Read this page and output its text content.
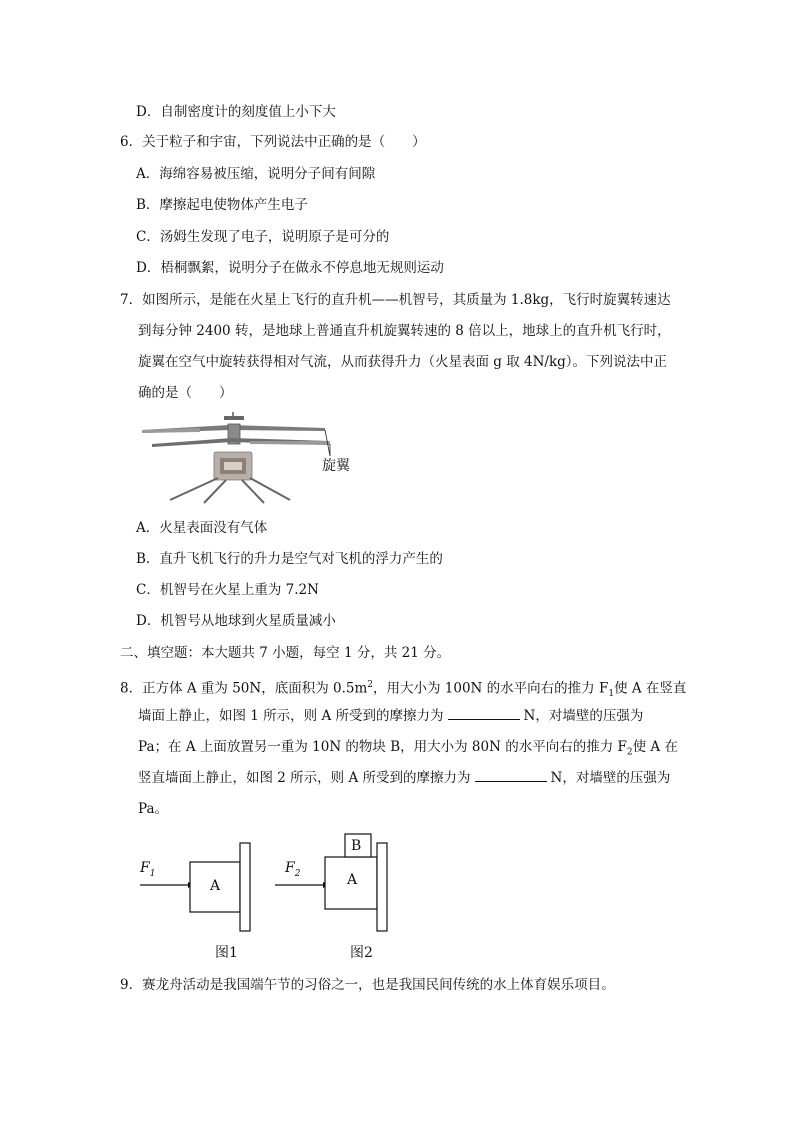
D．自制密度计的刻度值上小下大
6．关于粒子和宇宙，下列说法中正确的是（　　）
A．海绵容易被压缩，说明分子间有间隙
B．摩擦起电使物体产生电子
C．汤姆生发现了电子，说明原子是可分的
D．梧桐飘絮，说明分子在做永不停息地无规则运动
7．如图所示，是能在火星上飞行的直升机——机智号，其质量为 1.8kg，飞行时旋翼转速达
到每分钟 2400 转，是地球上普通直升机旋翼转速的 8 倍以上，地球上的直升机飞行时，
旋翼在空气中旋转获得相对气流，从而获得升力（火星表面 g 取 4N/kg）。下列说法中正
确的是（　　）
旋翼
A．火星表面没有气体
B．直升飞机飞行的升力是空气对飞机的浮力产生的
C．机智号在火星上重为 7.2N
D．机智号从地球到火星质量减小
二、填空题：本大题共 7 小题，每空 1 分，共 21 分。
8．正方体 A 重为 50N，底面积为 $0.5m^2$，用大小为 100N 的水平向右的推力 $F_1$使 A 在竖直
墙面上静止，如图 1 所示，则 A 所受到的摩擦力为	N，对墙壁的压强为
Pa；在 A 上面放置另一重为 10N 的物块 B，用大小为 80N 的水平向右的推力 $F_2$使 A 在
竖直墙面上静止，如图 2 所示，则 A 所受到的摩擦力为	N，对墙壁的压强为
Pa。
$F_1$
A
$F_2$	A
B
图1	图2
9．赛龙舟活动是我国端午节的习俗之一，也是我国民间传统的水上体育娱乐项目。
